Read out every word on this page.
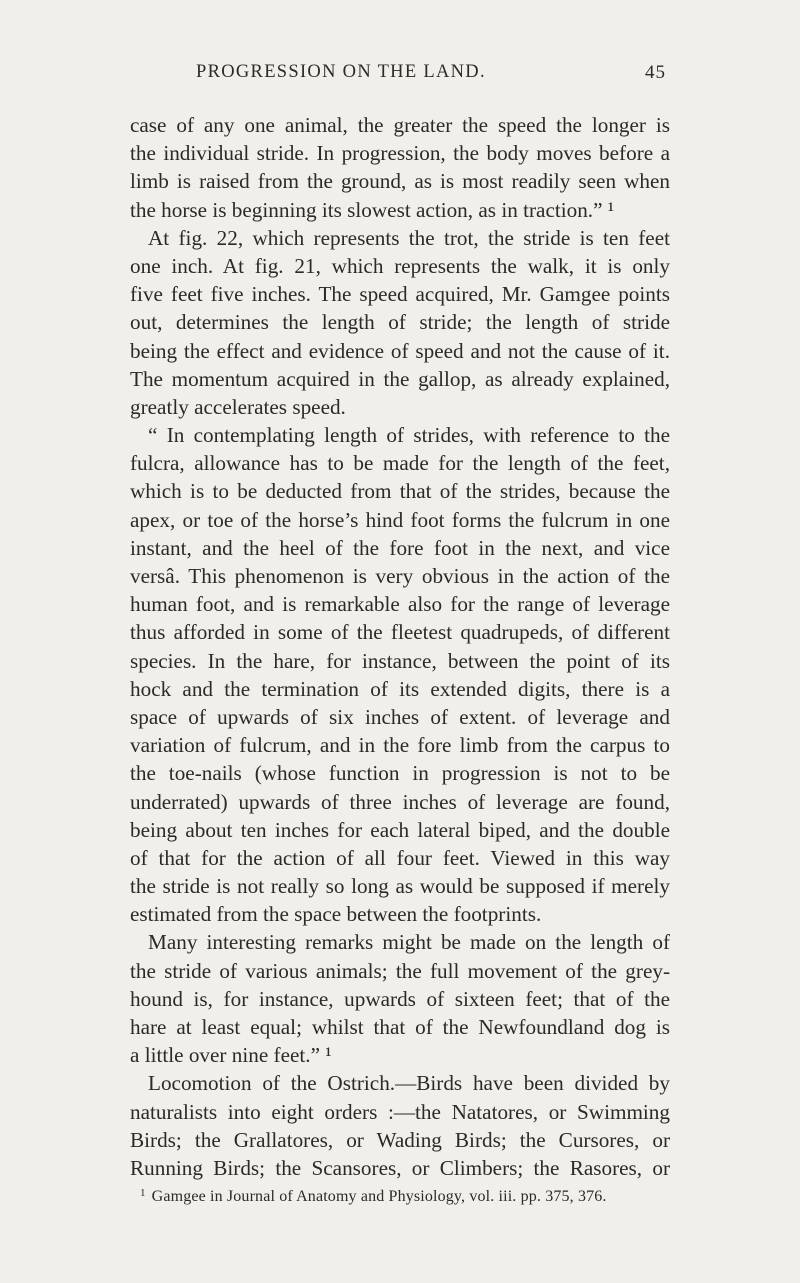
PROGRESSION ON THE LAND.	45
case of any one animal, the greater the speed the longer is
the individual stride. In progression, the body moves before a
limb is raised from the ground, as is most readily seen when
the horse is beginning its slowest action, as in traction.” ¹
At fig. 22, which represents the trot, the stride is ten feet
one inch. At fig. 21, which represents the walk, it is only
five feet five inches. The speed acquired, Mr. Gamgee points
out, determines the length of stride; the length of stride
being the effect and evidence of speed and not the cause of it.
The momentum acquired in the gallop, as already explained,
greatly accelerates speed.
“ In contemplating length of strides, with reference to the
fulcra, allowance has to be made for the length of the feet,
which is to be deducted from that of the strides, because the
apex, or toe of the horse’s hind foot forms the fulcrum in one
instant, and the heel of the fore foot in the next, and vice
versâ. This phenomenon is very obvious in the action of the
human foot, and is remarkable also for the range of leverage
thus afforded in some of the fleetest quadrupeds, of different
species. In the hare, for instance, between the point of its
hock and the termination of its extended digits, there is a
space of upwards of six inches of extent. of leverage and
variation of fulcrum, and in the fore limb from the carpus to
the toe-nails (whose function in progression is not to be
underrated) upwards of three inches of leverage are found,
being about ten inches for each lateral biped, and the double
of that for the action of all four feet. Viewed in this way
the stride is not really so long as would be supposed if merely
estimated from the space between the footprints.
Many interesting remarks might be made on the length of
the stride of various animals; the full movement of the grey-
hound is, for instance, upwards of sixteen feet; that of the
hare at least equal; whilst that of the Newfoundland dog is
a little over nine feet.” ¹
Locomotion of the Ostrich.—Birds have been divided by
naturalists into eight orders :—the Natatores, or Swimming
Birds; the Grallatores, or Wading Birds; the Cursores, or
Running Birds; the Scansores, or Climbers; the Rasores, or
$^1$ Gamgee in Journal of Anatomy and Physiology, vol. iii. pp. 375, 376.
